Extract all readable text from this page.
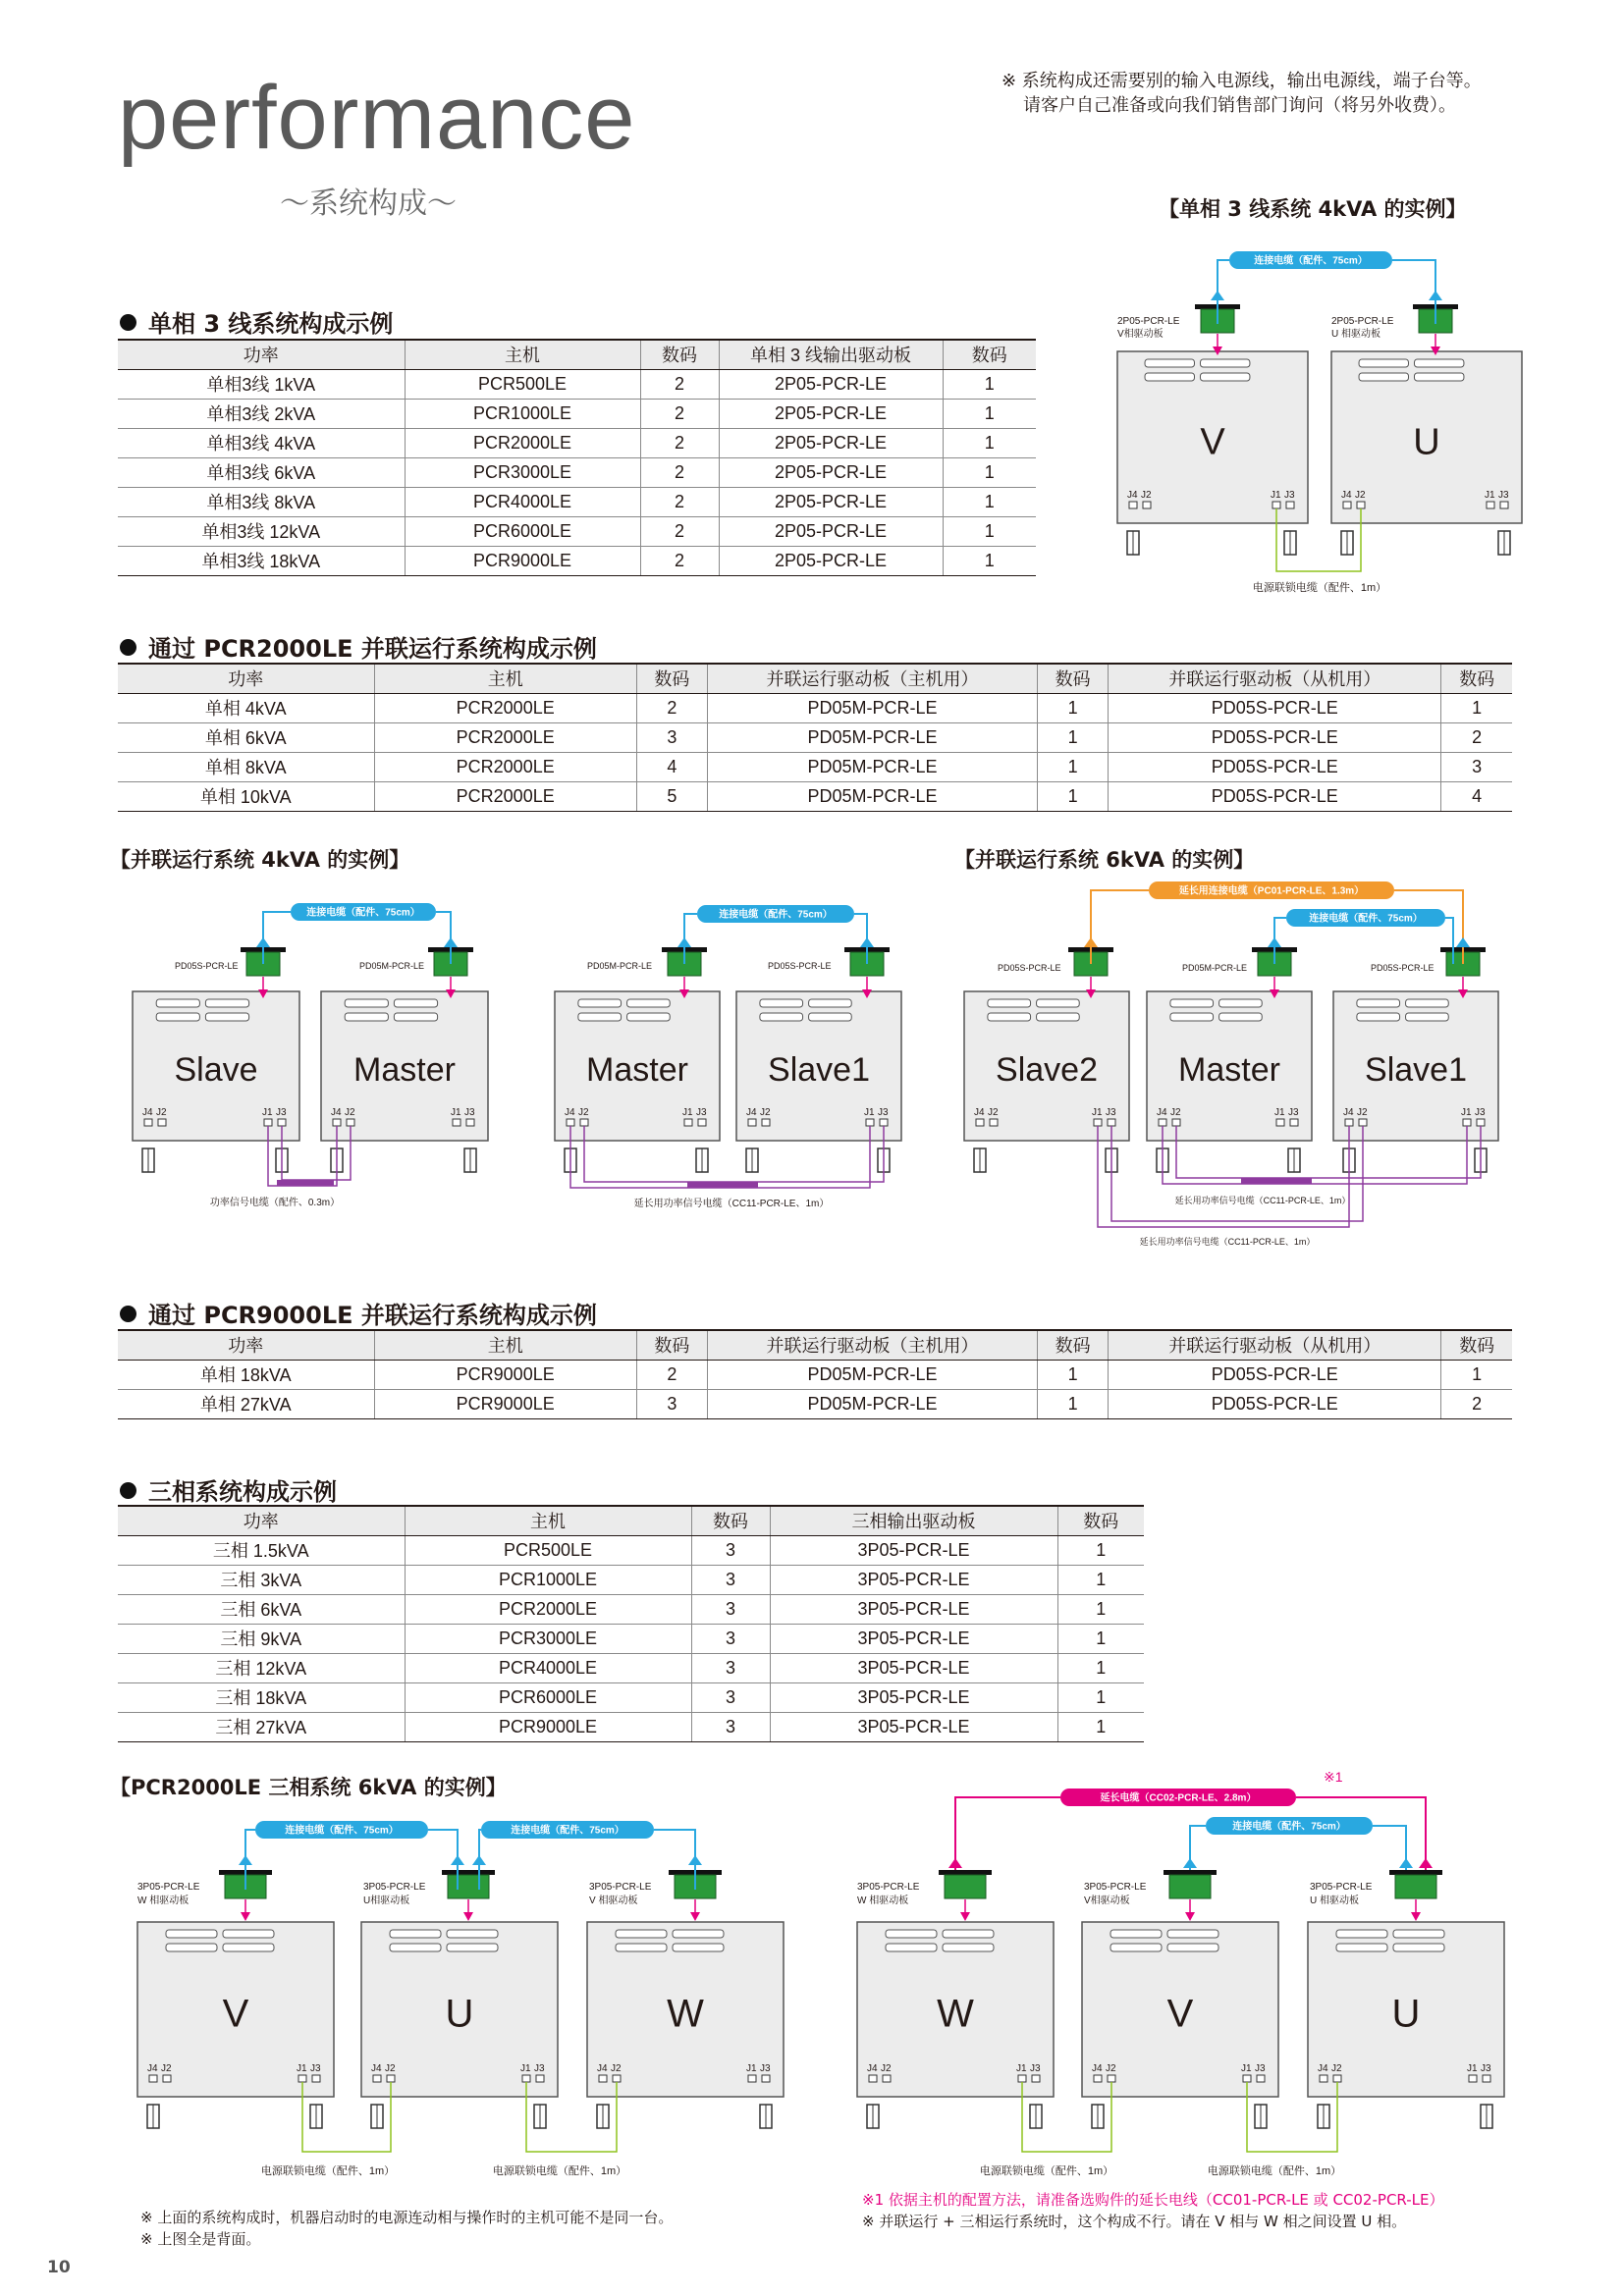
performance
～系统构成～
※ 系统构成还需要别的输入电源线，输出电源线，端子台等。
请客户自己准备或向我们销售部门询问（将另外收费）。
单相 3 线系统构成示例
功率	主机	数码	单相 3 线输出驱动板	数码
单相3线 1kVA	PCR500LE	2	2P05-PCR-LE	1
单相3线 2kVA	PCR1000LE	2	2P05-PCR-LE	1
单相3线 4kVA	PCR2000LE	2	2P05-PCR-LE	1
单相3线 6kVA	PCR3000LE	2	2P05-PCR-LE	1
单相3线 8kVA	PCR4000LE	2	2P05-PCR-LE	1
单相3线 12kVA	PCR6000LE	2	2P05-PCR-LE	1
单相3线 18kVA	PCR9000LE	2	2P05-PCR-LE	1
通过 PCR2000LE 并联运行系统构成示例
功率	主机	数码	并联运行驱动板（主机用）	数码	并联运行驱动板（从机用）	数码
单相 4kVA	PCR2000LE	2	PD05M-PCR-LE	1	PD05S-PCR-LE	1
单相 6kVA	PCR2000LE	3	PD05M-PCR-LE	1	PD05S-PCR-LE	2
单相 8kVA	PCR2000LE	4	PD05M-PCR-LE	1	PD05S-PCR-LE	3
单相 10kVA	PCR2000LE	5	PD05M-PCR-LE	1	PD05S-PCR-LE	4
通过 PCR9000LE 并联运行系统构成示例
功率	主机	数码	并联运行驱动板（主机用）	数码	并联运行驱动板（从机用）	数码
单相 18kVA	PCR9000LE	2	PD05M-PCR-LE	1	PD05S-PCR-LE	1
单相 27kVA	PCR9000LE	3	PD05M-PCR-LE	1	PD05S-PCR-LE	2
三相系统构成示例
功率	主机	数码	三相输出驱动板	数码
三相 1.5kVA	PCR500LE	3	3P05-PCR-LE	1
三相 3kVA	PCR1000LE	3	3P05-PCR-LE	1
三相 6kVA	PCR2000LE	3	3P05-PCR-LE	1
三相 9kVA	PCR3000LE	3	3P05-PCR-LE	1
三相 12kVA	PCR4000LE	3	3P05-PCR-LE	1
三相 18kVA	PCR6000LE	3	3P05-PCR-LE	1
三相 27kVA	PCR9000LE	3	3P05-PCR-LE	1
【单相 3 线系统 4kVA 的实例】
【并联运行系统 4kVA 的实例】	【并联运行系统 6kVA 的实例】
【PCR2000LE 三相系统 6kVA 的实例】
V
J4 J2	J1 J3
U
J4 J2	J1 J3
连接电缆（配件、75cm）
2P05-PCR-LE
V相驱动板
2P05-PCR-LE
U 相驱动板
电源联锁电缆（配件、1m）
Slave
J4 J2	J1 J3
Master
J4 J2	J1 J3
连接电缆（配件、75cm）
PD05S-PCR-LE	PD05M-PCR-LE
功率信号电缆（配件、0.3m）
Master
J4 J2	J1 J3
Slave1
J4 J2	J1 J3
连接电缆（配件、75cm）
PD05M-PCR-LE	PD05S-PCR-LE
延长用功率信号电缆（CC11-PCR-LE、1m）
Slave2
J4 J2	J1 J3
Master
J4 J2	J1 J3
Slave1
J4 J2	J1 J3
延长用连接电缆（PC01-PCR-LE、1.3m）
连接电缆（配件、75cm）
PD05S-PCR-LE	PD05M-PCR-LE	PD05S-PCR-LE
延长用功率信号电缆（CC11-PCR-LE、1m）
延长用功率信号电缆（CC11-PCR-LE、1m）
V
J4 J2	J1 J3
U
J4 J2	J1 J3
W
J4 J2	J1 J3
连接电缆（配件、75cm）	连接电缆（配件、75cm）
3P05-PCR-LE
W 相驱动板
3P05-PCR-LE
U相驱动板
3P05-PCR-LE
V 相驱动板
电源联锁电缆（配件、1m）	电源联锁电缆（配件、1m）
W
J4 J2	J1 J3
V
J4 J2	J1 J3
U
J4 J2	J1 J3
延长电缆（CC02-PCR-LE、2.8m）
※1
连接电缆（配件、75cm）
3P05-PCR-LE
W 相驱动板
3P05-PCR-LE
V相驱动板
3P05-PCR-LE
U 相驱动板
电源联锁电缆（配件、1m）	电源联锁电缆（配件、1m）
※ 上面的系统构成时，机器启动时的电源连动相与操作时的主机可能不是同一台。
※ 上图全是背面。
※1 依据主机的配置方法，请准备选购件的延长电线（CC01-PCR-LE 或 CC02-PCR-LE）
※ 并联运行 + 三相运行系统时，这个构成不行。请在 V 相与 W 相之间设置 U 相。
10
